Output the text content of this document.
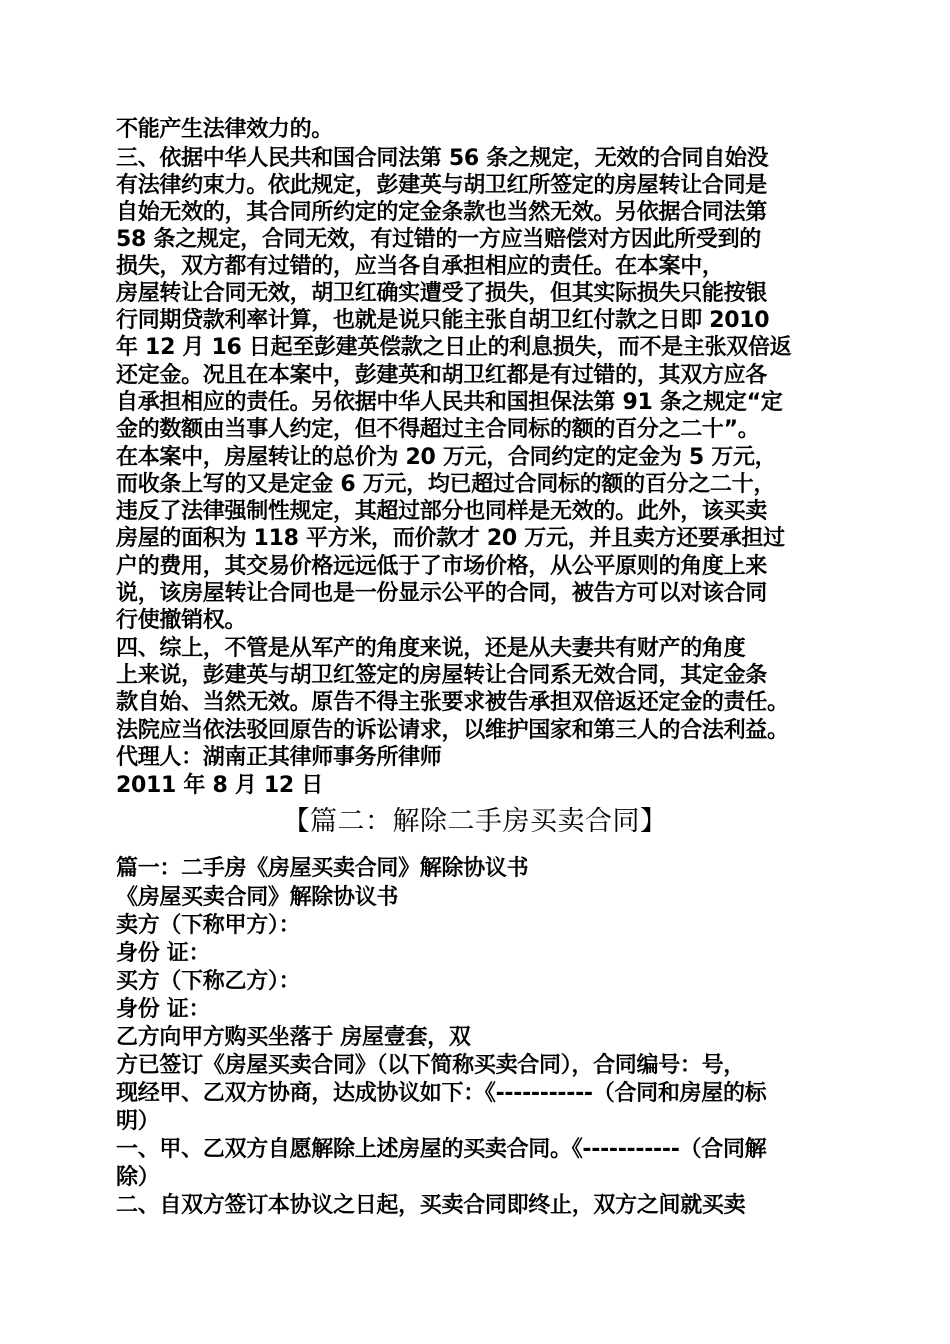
不能产生法律效力的。
三、依据中华人民共和国合同法第 56 条之规定，无效的合同自始没
有法律约束力。依此规定，彭建英与胡卫红所签定的房屋转让合同是
自始无效的，其合同所约定的定金条款也当然无效。另依据合同法第
58 条之规定，合同无效，有过错的一方应当赔偿对方因此所受到的
损失，双方都有过错的，应当各自承担相应的责任。在本案中，
房屋转让合同无效，胡卫红确实遭受了损失，但其实际损失只能按银
行同期贷款利率计算，也就是说只能主张自胡卫红付款之日即 2010
年 12 月 16 日起至彭建英偿款之日止的利息损失，而不是主张双倍返
还定金。况且在本案中，彭建英和胡卫红都是有过错的，其双方应各
自承担相应的责任。另依据中华人民共和国担保法第 91 条之规定“定
金的数额由当事人约定，但不得超过主合同标的额的百分之二十”。
在本案中，房屋转让的总价为 20 万元，合同约定的定金为 5 万元，
而收条上写的又是定金 6 万元，均已超过合同标的额的百分之二十，
违反了法律强制性规定，其超过部分也同样是无效的。此外，该买卖
房屋的面积为 118 平方米，而价款才 20 万元，并且卖方还要承担过
户的费用，其交易价格远远低于了市场价格，从公平原则的角度上来
说，该房屋转让合同也是一份显示公平的合同，被告方可以对该合同
行使撤销权。
四、综上，不管是从军产的角度来说，还是从夫妻共有财产的角度
上来说，彭建英与胡卫红签定的房屋转让合同系无效合同，其定金条
款自始、当然无效。原告不得主张要求被告承担双倍返还定金的责任。
法院应当依法驳回原告的诉讼请求，以维护国家和第三人的合法利益。
代理人：湖南正其律师事务所律师
2011 年 8 月 12 日
【篇二：解除二手房买卖合同】
篇一：二手房《房屋买卖合同》解除协议书
《房屋买卖合同》解除协议书
卖方（下称甲方）：
身份 证：
买方（下称乙方）：
身份 证：
乙方向甲方购买坐落于 房屋壹套，双
方已签订《房屋买卖合同》（以下简称买卖合同），合同编号：号，
现经甲、乙双方协商，达成协议如下：《-----------（合同和房屋的标
明）
一、甲、乙双方自愿解除上述房屋的买卖合同。《-----------（合同解
除）
二、自双方签订本协议之日起，买卖合同即终止，双方之间就买卖
